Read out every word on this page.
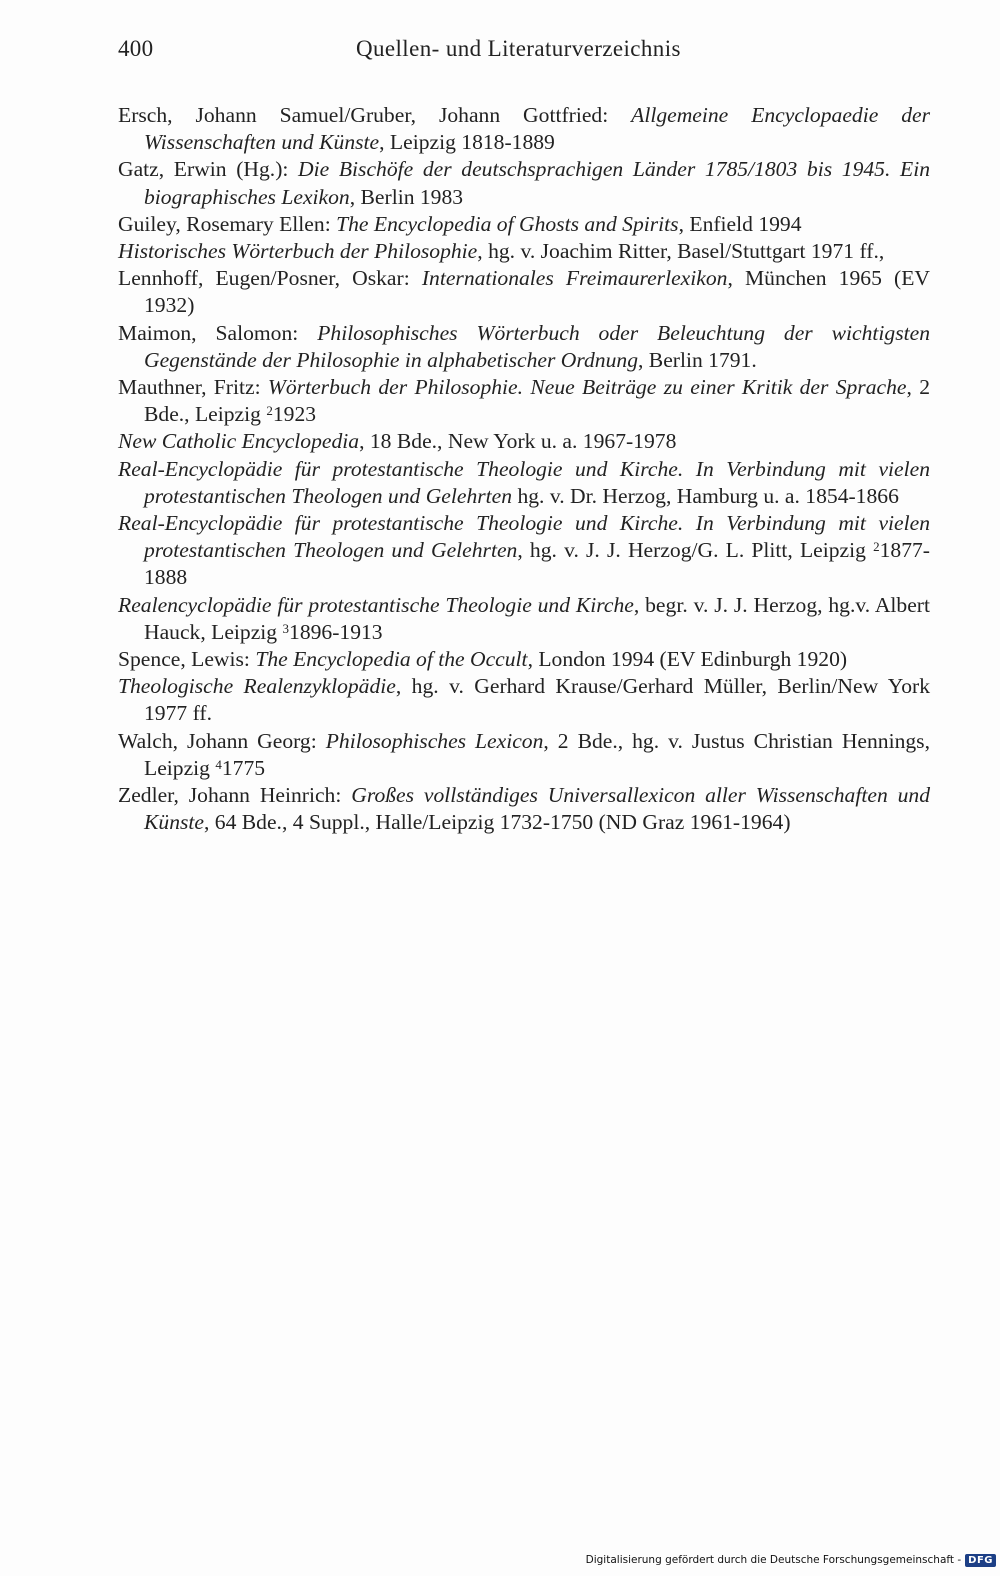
400	Quellen- und Literaturverzeichnis
Ersch, Johann Samuel/Gruber, Johann Gottfried: Allgemeine Encyclopaedie der Wissenschaften und Künste, Leipzig 1818-1889
Gatz, Erwin (Hg.): Die Bischöfe der deutschsprachigen Länder 1785/1803 bis 1945. Ein biographisches Lexikon, Berlin 1983
Guiley, Rosemary Ellen: The Encyclopedia of Ghosts and Spirits, Enfield 1994
Historisches Wörterbuch der Philosophie, hg. v. Joachim Ritter, Basel/Stuttgart 1971 ff.,
Lennhoff, Eugen/Posner, Oskar: Internationales Freimaurerlexikon, München 1965 (EV 1932)
Maimon, Salomon: Philosophisches Wörterbuch oder Beleuchtung der wichtigsten Gegenstände der Philosophie in alphabetischer Ordnung, Berlin 1791.
Mauthner, Fritz: Wörterbuch der Philosophie. Neue Beiträge zu einer Kritik der Sprache, 2 Bde., Leipzig $^2$1923
New Catholic Encyclopedia, 18 Bde., New York u. a. 1967-1978
Real-Encyclopädie für protestantische Theologie und Kirche. In Verbindung mit vielen protestantischen Theologen und Gelehrten hg. v. Dr. Herzog, Hamburg u. a. 1854-1866
Real-Encyclopädie für protestantische Theologie und Kirche. In Verbindung mit vielen protestantischen Theologen und Gelehrten, hg. v. J. J. Herzog/G. L. Plitt, Leipzig $^2$1877-1888
Realencyclopädie für protestantische Theologie und Kirche, begr. v. J. J. Herzog, hg.v. Albert Hauck, Leipzig $^3$1896-1913
Spence, Lewis: The Encyclopedia of the Occult, London 1994 (EV Edinburgh 1920)
Theologische Realenzyklopädie, hg. v. Gerhard Krause/Gerhard Müller, Berlin/New York 1977 ff.
Walch, Johann Georg: Philosophisches Lexicon, 2 Bde., hg. v. Justus Christian Hennings, Leipzig $^4$1775
Zedler, Johann Heinrich: Großes vollständiges Universallexicon aller Wissenschaften und Künste, 64 Bde., 4 Suppl., Halle/Leipzig 1732-1750 (ND Graz 1961-1964)
Digitalisierung gefördert durch die Deutsche Forschungsgemeinschaft - DFG
